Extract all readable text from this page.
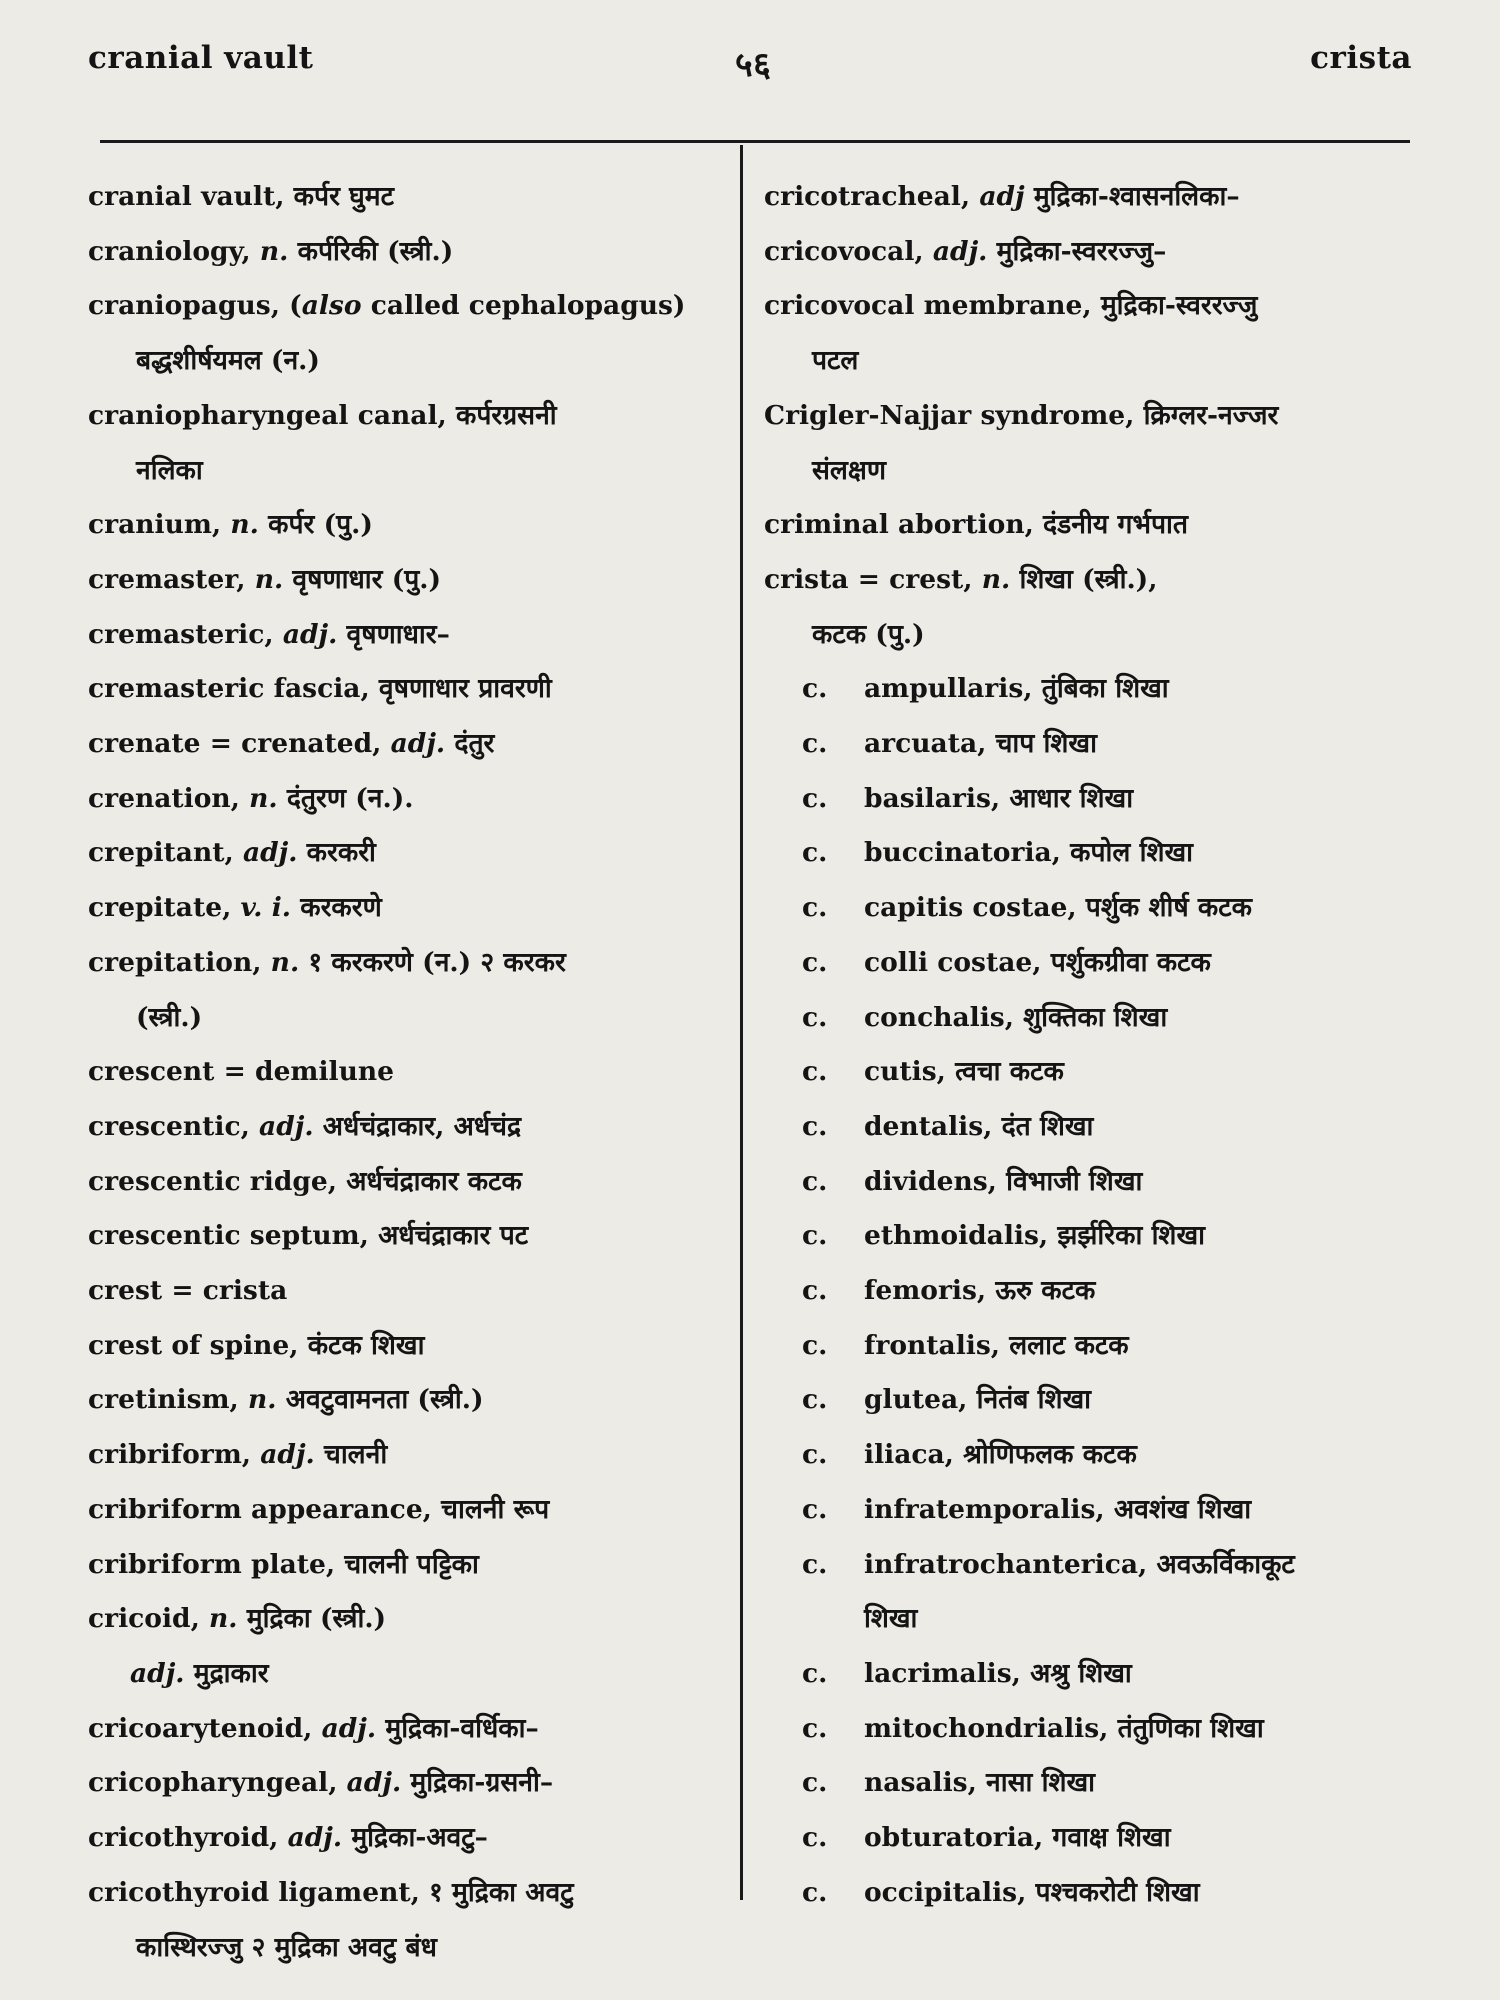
cranial vault	५६	crista
cranial vault, कर्पर घुमट
craniology, n. कर्परिकी (स्त्री.)
craniopagus, (also called cephalopagus)
बद्धशीर्षयमल (न.)
craniopharyngeal canal, कर्परग्रसनी
नलिका
cranium, n. कर्पर (पु.)
cremaster, n. वृषणाधार (पु.)
cremasteric, adj. वृषणाधार–
cremasteric fascia, वृषणाधार प्रावरणी
crenate = crenated, adj. दंतुर
crenation, n. दंतुरण (न.).
crepitant, adj. करकरी
crepitate, v. i. करकरणे
crepitation, n. १ करकरणे (न.) २ करकर
(स्त्री.)
crescent = demilune
crescentic, adj. अर्धचंद्राकार, अर्धचंद्र
crescentic ridge, अर्धचंद्राकार कटक
crescentic septum, अर्धचंद्राकार पट
crest = crista
crest of spine, कंटक शिखा
cretinism, n. अवटुवामनता (स्त्री.)
cribriform, adj. चालनी
cribriform appearance, चालनी रूप
cribriform plate, चालनी पट्टिका
cricoid, n. मुद्रिका (स्त्री.)
adj. मुद्राकार
cricoarytenoid, adj. मुद्रिका-वर्धिका–
cricopharyngeal, adj. मुद्रिका-ग्रसनी–
cricothyroid, adj. मुद्रिका-अवटु–
cricothyroid ligament, १ मुद्रिका अवटु
कास्थिरज्जु २ मुद्रिका अवटु बंध
cricotracheal, adj मुद्रिका-श्वासनलिका–
cricovocal, adj. मुद्रिका-स्वररज्जु–
cricovocal membrane, मुद्रिका-स्वररज्जु
पटल
Crigler-Najjar syndrome, क्रिग्लर-नज्जर
संलक्षण
criminal abortion, दंडनीय गर्भपात
crista = crest, n. शिखा (स्त्री.),
कटक (पु.)
c. ampullaris, तुंबिका शिखा
c. arcuata, चाप शिखा
c. basilaris, आधार शिखा
c. buccinatoria, कपोल शिखा
c. capitis costae, पर्शुक शीर्ष कटक
c. colli costae, पर्शुकग्रीवा कटक
c. conchalis, शुक्तिका शिखा
c. cutis, त्वचा कटक
c. dentalis, दंत शिखा
c. dividens, विभाजी शिखा
c. ethmoidalis, झर्झरिका शिखा
c. femoris, ऊरु कटक
c. frontalis, ललाट कटक
c. glutea, नितंब शिखा
c. iliaca, श्रोणिफलक कटक
c. infratemporalis, अवशंख शिखा
c. infratrochanterica, अवऊर्विकाकूट
शिखा
c. lacrimalis, अश्रु शिखा
c. mitochondrialis, तंतुणिका शिखा
c. nasalis, नासा शिखा
c. obturatoria, गवाक्ष शिखा
c. occipitalis, पश्चकरोटी शिखा
